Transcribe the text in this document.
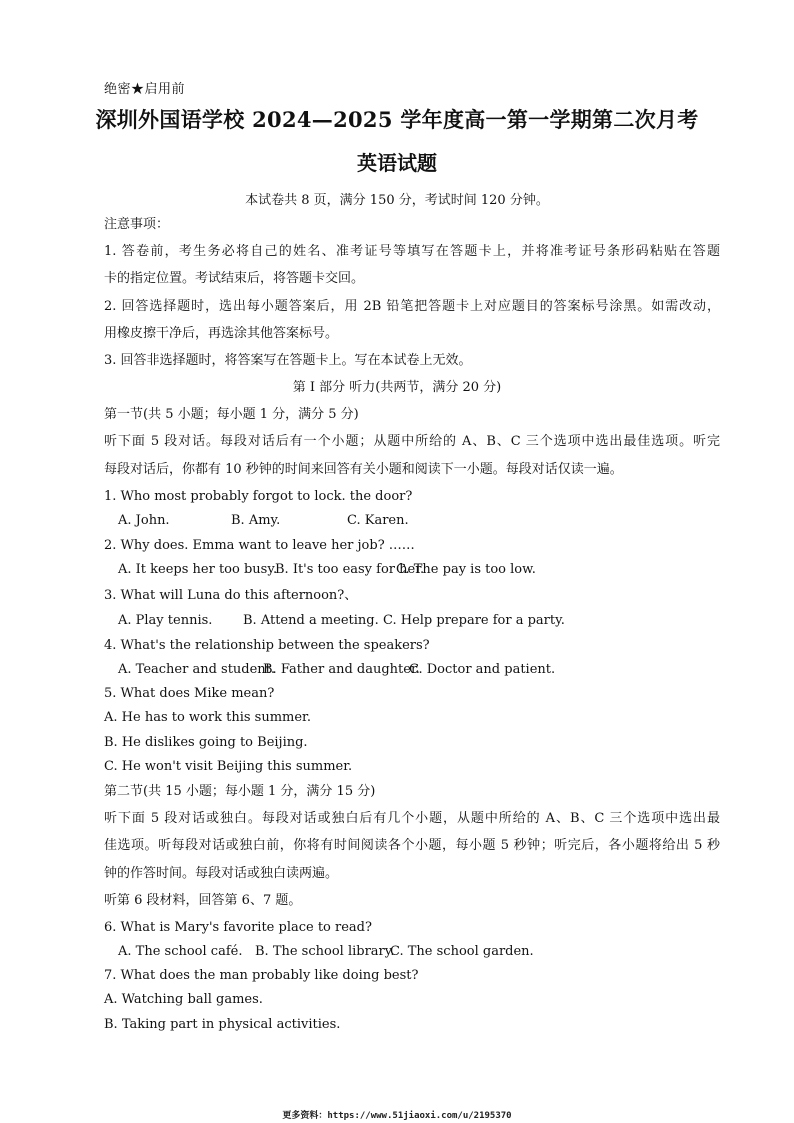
绝密★启用前
深圳外国语学校 2024—2025 学年度高一第一学期第二次月考
英语试题
本试卷共 8 页，满分 150 分，考试时间 120 分钟。
注意事项：
1. 答卷前，考生务必将自己的姓名、准考证号等填写在答题卡上，并将准考证号条形码粘贴在答题
卡的指定位置。考试结束后，将答题卡交回。
2. 回答选择题时，选出每小题答案后，用 2B 铅笔把答题卡上对应题目的答案标号涂黑。如需改动，
用橡皮擦干净后，再选涂其他答案标号。
3. 回答非选择题时，将答案写在答题卡上。写在本试卷上无效。
第 I 部分 听力(共两节，满分 20 分)
第一节(共 5 小题；每小题 1 分，满分 5 分)
听下面 5 段对话。每段对话后有一个小题；从题中所给的 A、B、C 三个选项中选出最佳选项。听完
每段对话后，你都有 10 秒钟的时间来回答有关小题和阅读下一小题。每段对话仅读一遍。
1. Who most probably forgot to lock. the door?
A. John.	B. Amy.	C. Karen.
2. Why does. Emma want to leave her job? ……
A. It keeps her too busy.
B. It's too easy for her.
C. The pay is too low.
3. What will Luna do this afternoon?、
A. Play tennis. B. Attend a meeting. C. Help prepare for a party.
4. What's the relationship between the speakers?
A. Teacher and student.
B. Father and daughter.
C. Doctor and patient.
5. What does Mike mean?
A. He has to work this summer.
B. He dislikes going to Beijing.
C. He won't visit Beijing this summer.
第二节(共 15 小题；每小题 1 分，满分 15 分)
听下面 5 段对话或独白。每段对话或独白后有几个小题，从题中所给的 A、B、C 三个选项中选出最
佳选项。听每段对话或独白前，你将有时间阅读各个小题，每小题 5 秒钟；听完后，各小题将给出 5 秒
钟的作答时间。每段对话或独白读两遍。
听第 6 段材料，回答第 6、7 题。
6. What is Mary's favorite place to read?
A. The school café. B. The school library.
C. The school garden.
7. What does the man probably like doing best?
A. Watching ball games.
B. Taking part in physical activities.
更多资料：https://www.51jiaoxi.com/u/2195370
